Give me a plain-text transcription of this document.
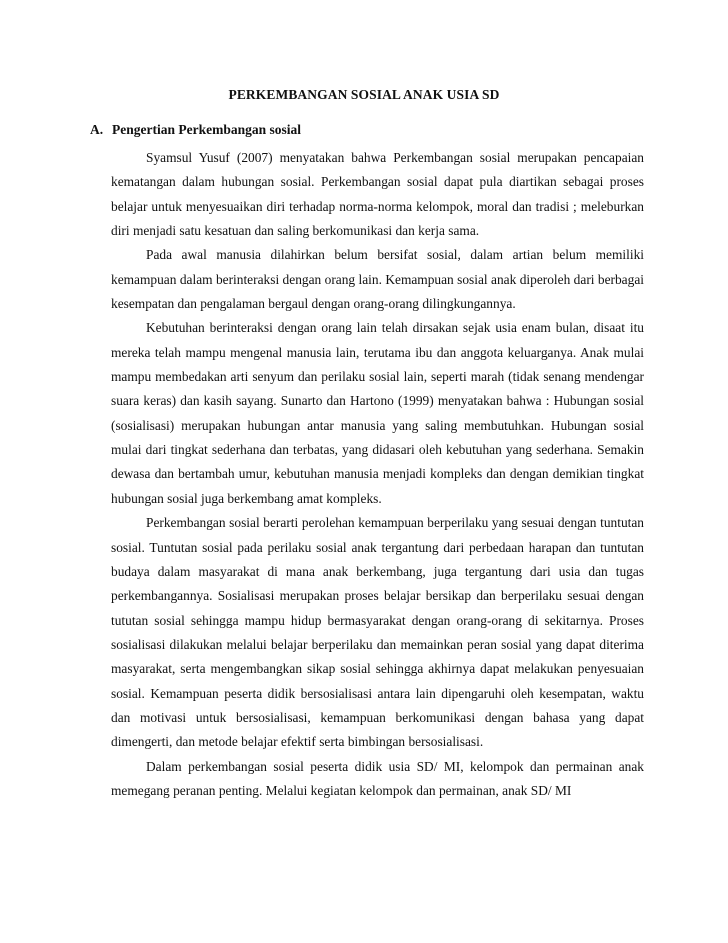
PERKEMBANGAN SOSIAL ANAK USIA SD
A. Pengertian Perkembangan sosial

Syamsul Yusuf (2007) menyatakan bahwa Perkembangan sosial merupakan pencapaian kematangan dalam hubungan sosial. Perkembangan sosial dapat pula diartikan sebagai proses belajar untuk menyesuaikan diri terhadap norma-norma kelompok, moral dan tradisi ; meleburkan diri menjadi satu kesatuan dan saling berkomunikasi dan kerja sama.

Pada awal manusia dilahirkan belum bersifat sosial, dalam artian belum memiliki kemampuan dalam berinteraksi dengan orang lain. Kemampuan sosial anak diperoleh dari berbagai kesempatan dan pengalaman bergaul dengan orang-orang dilingkungannya.

Kebutuhan berinteraksi dengan orang lain telah dirsakan sejak usia enam bulan, disaat itu mereka telah mampu mengenal manusia lain, terutama ibu dan anggota keluarganya. Anak mulai mampu membedakan arti senyum dan perilaku sosial lain, seperti marah (tidak senang mendengar suara keras) dan kasih sayang. Sunarto dan Hartono (1999) menyatakan bahwa : Hubungan sosial (sosialisasi) merupakan hubungan antar manusia yang saling membutuhkan. Hubungan sosial mulai dari tingkat sederhana dan terbatas, yang didasari oleh kebutuhan yang sederhana. Semakin dewasa dan bertambah umur, kebutuhan manusia menjadi kompleks dan dengan demikian tingkat hubungan sosial juga berkembang amat kompleks.

Perkembangan sosial berarti perolehan kemampuan berperilaku yang sesuai dengan tuntutan sosial. Tuntutan sosial pada perilaku sosial anak tergantung dari perbedaan harapan dan tuntutan budaya dalam masyarakat di mana anak berkembang, juga tergantung dari usia dan tugas perkembangannya. Sosialisasi merupakan proses belajar bersikap dan berperilaku sesuai dengan tututan sosial sehingga mampu hidup bermasyarakat dengan orang-orang di sekitarnya. Proses sosialisasi dilakukan melalui belajar berperilaku dan memainkan peran sosial yang dapat diterima masyarakat, serta mengembangkan sikap sosial sehingga akhirnya dapat melakukan penyesuaian sosial. Kemampuan peserta didik bersosialisasi antara lain dipengaruhi oleh kesempatan, waktu dan motivasi untuk bersosialisasi, kemampuan berkomunikasi dengan bahasa yang dapat dimengerti, dan metode belajar efektif serta bimbingan bersosialisasi.

Dalam perkembangan sosial peserta didik usia SD/ MI, kelompok dan permainan anak memegang peranan penting. Melalui kegiatan kelompok dan permainan, anak SD/ MI
